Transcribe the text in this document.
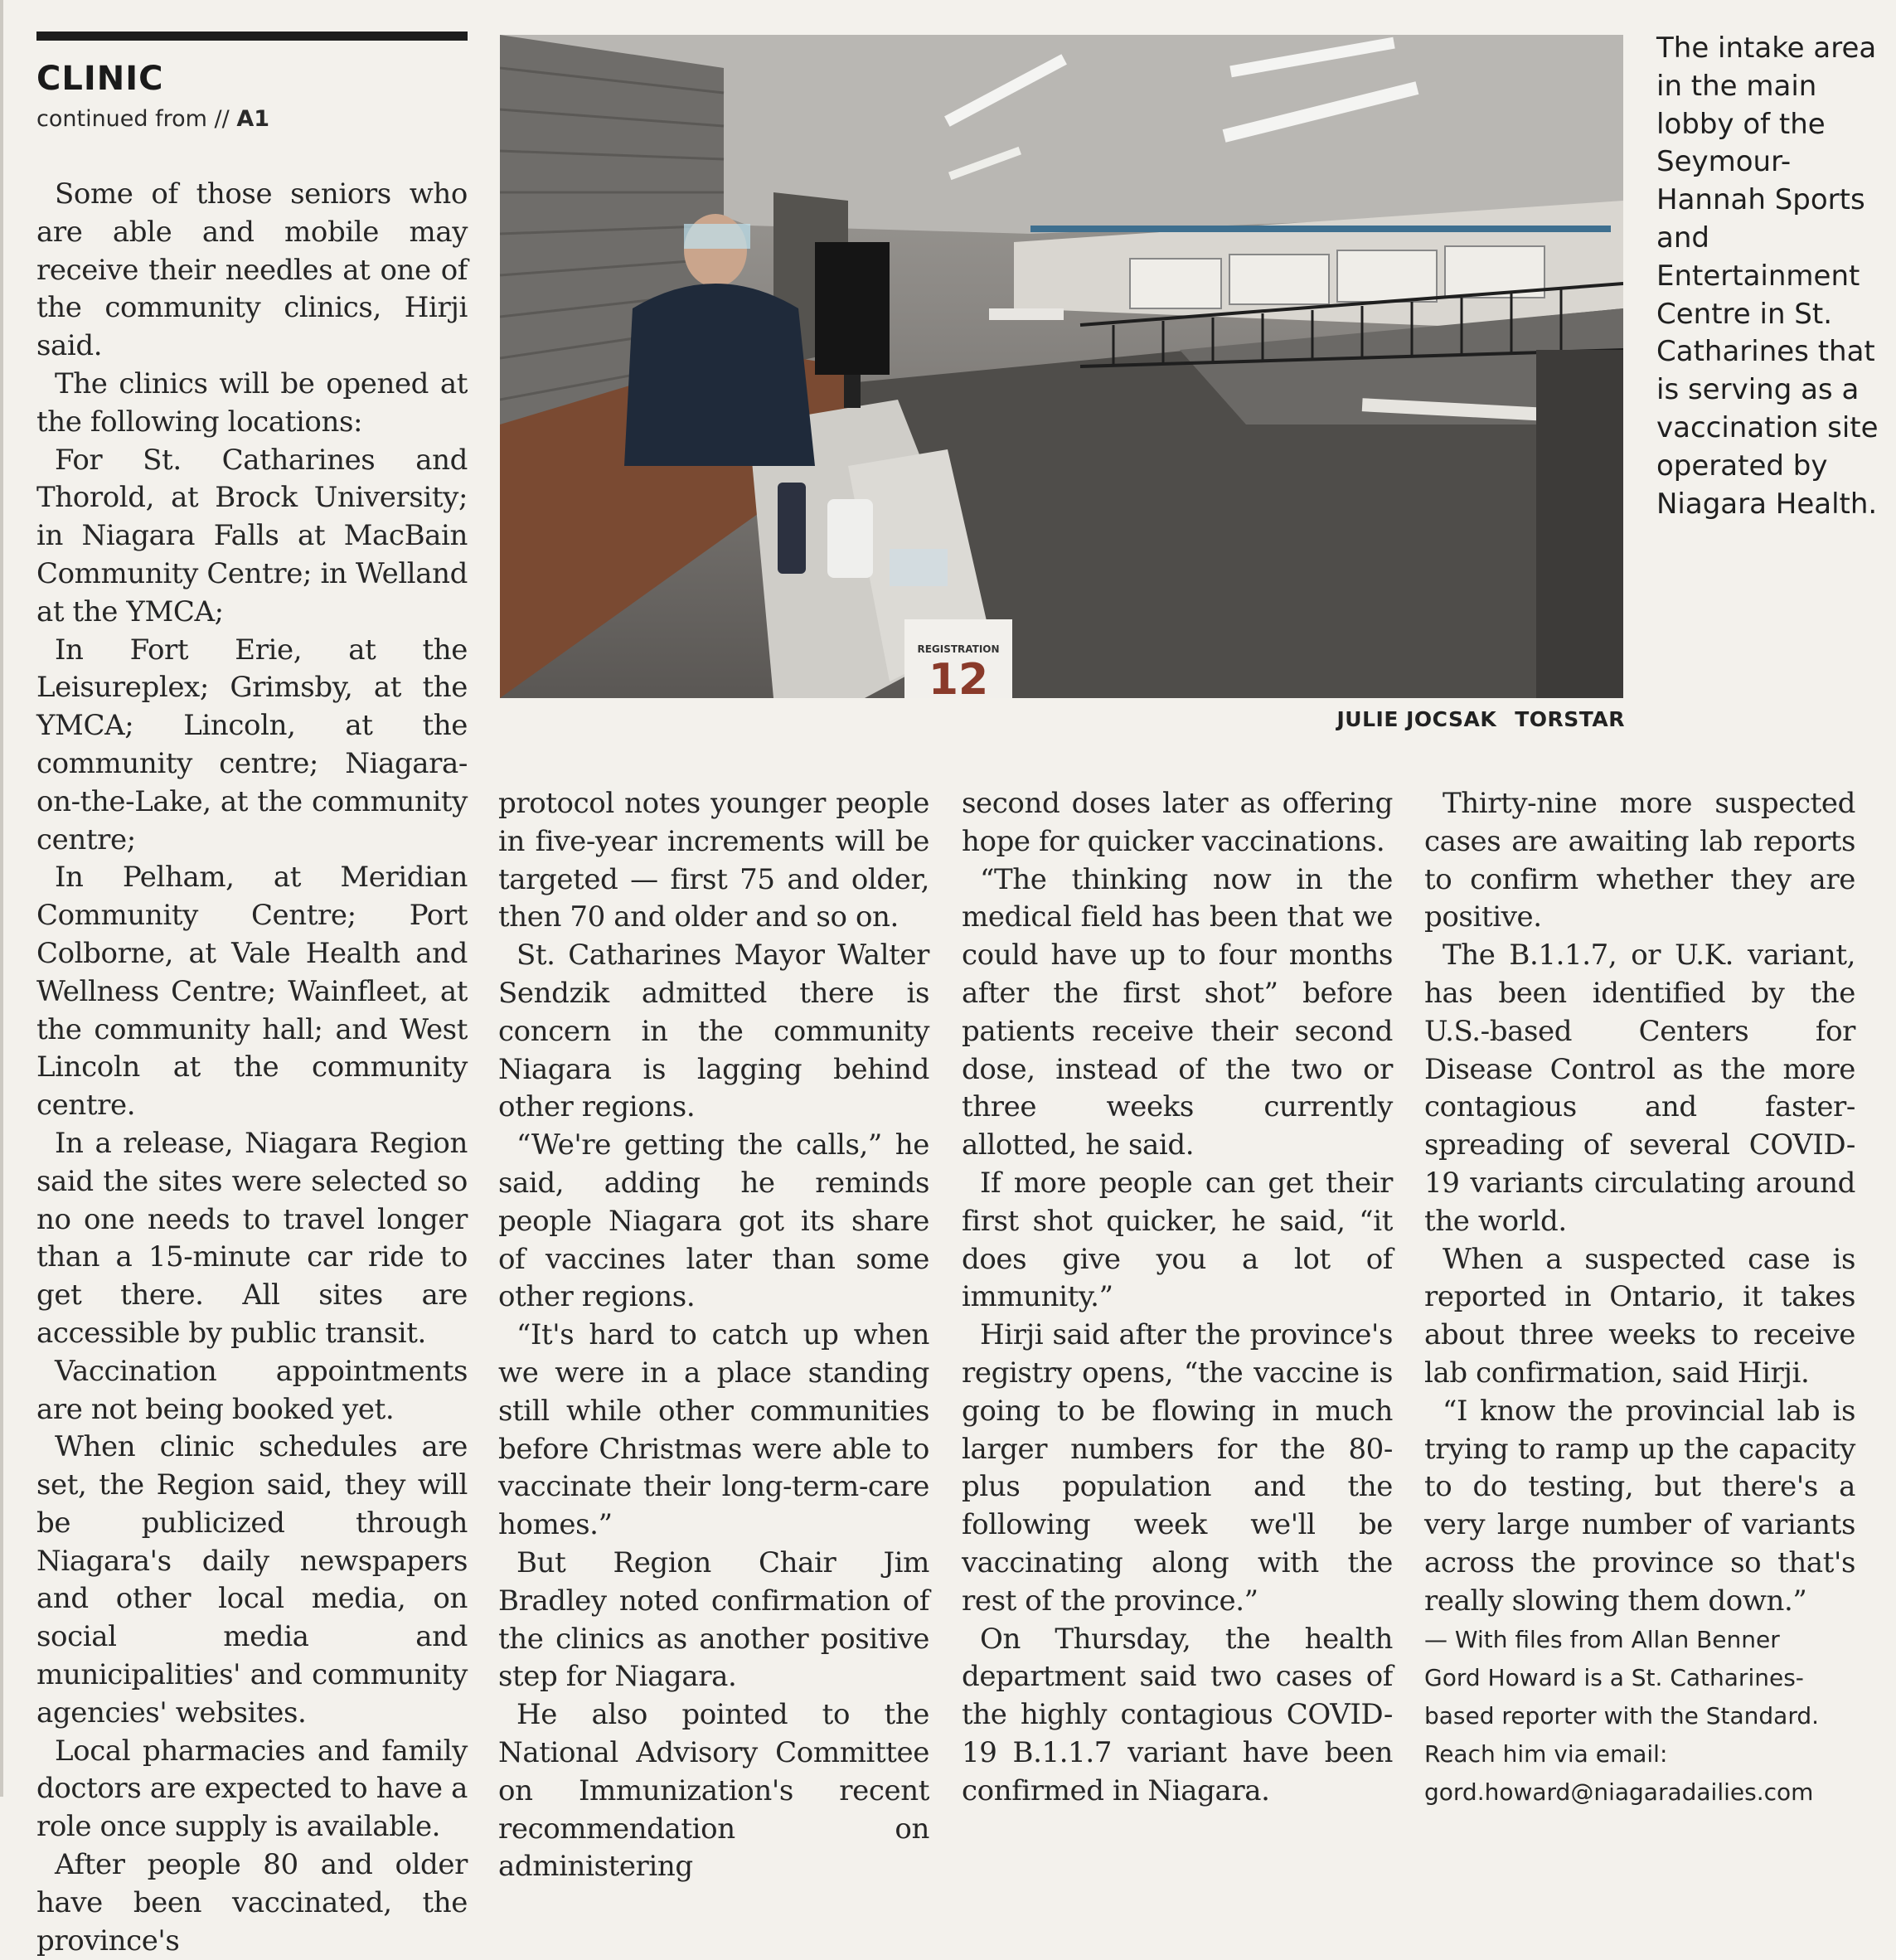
CLINIC
continued from // A1
REGISTRATION
12
JULIE JOCSAK TORSTAR
The intake area in the main lobby of the Seymour-Hannah Sports and Entertainment Centre in St. Catharines that is serving as a vaccination site operated by Niagara Health.

Some of those seniors who are able and mobile may receive their needles at one of the community clinics, Hirji said.

The clinics will be opened at the following locations:

For St. Catharines and Thorold, at Brock University; in Niagara Falls at MacBain Community Centre; in Welland at the YMCA;

In Fort Erie, at the Leisureplex; Grimsby, at the YMCA; Lincoln, at the community centre; Niagara-on-the-Lake, at the community centre;

In Pelham, at Meridian Community Centre; Port Colborne, at Vale Health and Wellness Centre; Wainfleet, at the community hall; and West Lincoln at the community centre.

In a release, Niagara Region said the sites were selected so no one needs to travel longer than a 15-minute car ride to get there. All sites are accessible by public transit.

Vaccination appointments are not being booked yet.

When clinic schedules are set, the Region said, they will be publicized through Niagara's daily newspapers and other local media, on social media and municipalities' and community agencies' websites.

Local pharmacies and family doctors are expected to have a role once supply is available.

After people 80 and older have been vaccinated, the province's

protocol notes younger people in five-year increments will be targeted — first 75 and older, then 70 and older and so on.

St. Catharines Mayor Walter Sendzik admitted there is concern in the community Niagara is lagging behind other regions.

“We're getting the calls,” he said, adding he reminds people Niagara got its share of vaccines later than some other regions.

“It's hard to catch up when we were in a place standing still while other communities before Christmas were able to vaccinate their long-term-care homes.”

But Region Chair Jim Bradley noted confirmation of the clinics as another positive step for Niagara.

He also pointed to the National Advisory Committee on Immunization's recent recommendation on administering

second doses later as offering hope for quicker vaccinations.

“The thinking now in the medical field has been that we could have up to four months after the first shot” before patients receive their second dose, instead of the two or three weeks currently allotted, he said.

If more people can get their first shot quicker, he said, “it does give you a lot of immunity.”

Hirji said after the province's registry opens, “the vaccine is going to be flowing in much larger numbers for the 80-plus population and the following week we'll be vaccinating along with the rest of the province.”

On Thursday, the health department said two cases of the highly contagious COVID-19 B.1.1.7 variant have been confirmed in Niagara.

Thirty-nine more suspected cases are awaiting lab reports to confirm whether they are positive.

The B.1.1.7, or U.K. variant, has been identified by the U.S.-based Centers for Disease Control as the more contagious and faster-spreading of several COVID-19 variants circulating around the world.

When a suspected case is reported in Ontario, it takes about three weeks to receive lab confirmation, said Hirji.

“I know the provincial lab is trying to ramp up the capacity to do testing, but there's a very large number of variants across the province so that's really slowing them down.”

— With files from Allan Benner

Gord Howard is a St. Catharines-based reporter with the Standard.

Reach him via email:

gord.howard@niagaradailies.com
